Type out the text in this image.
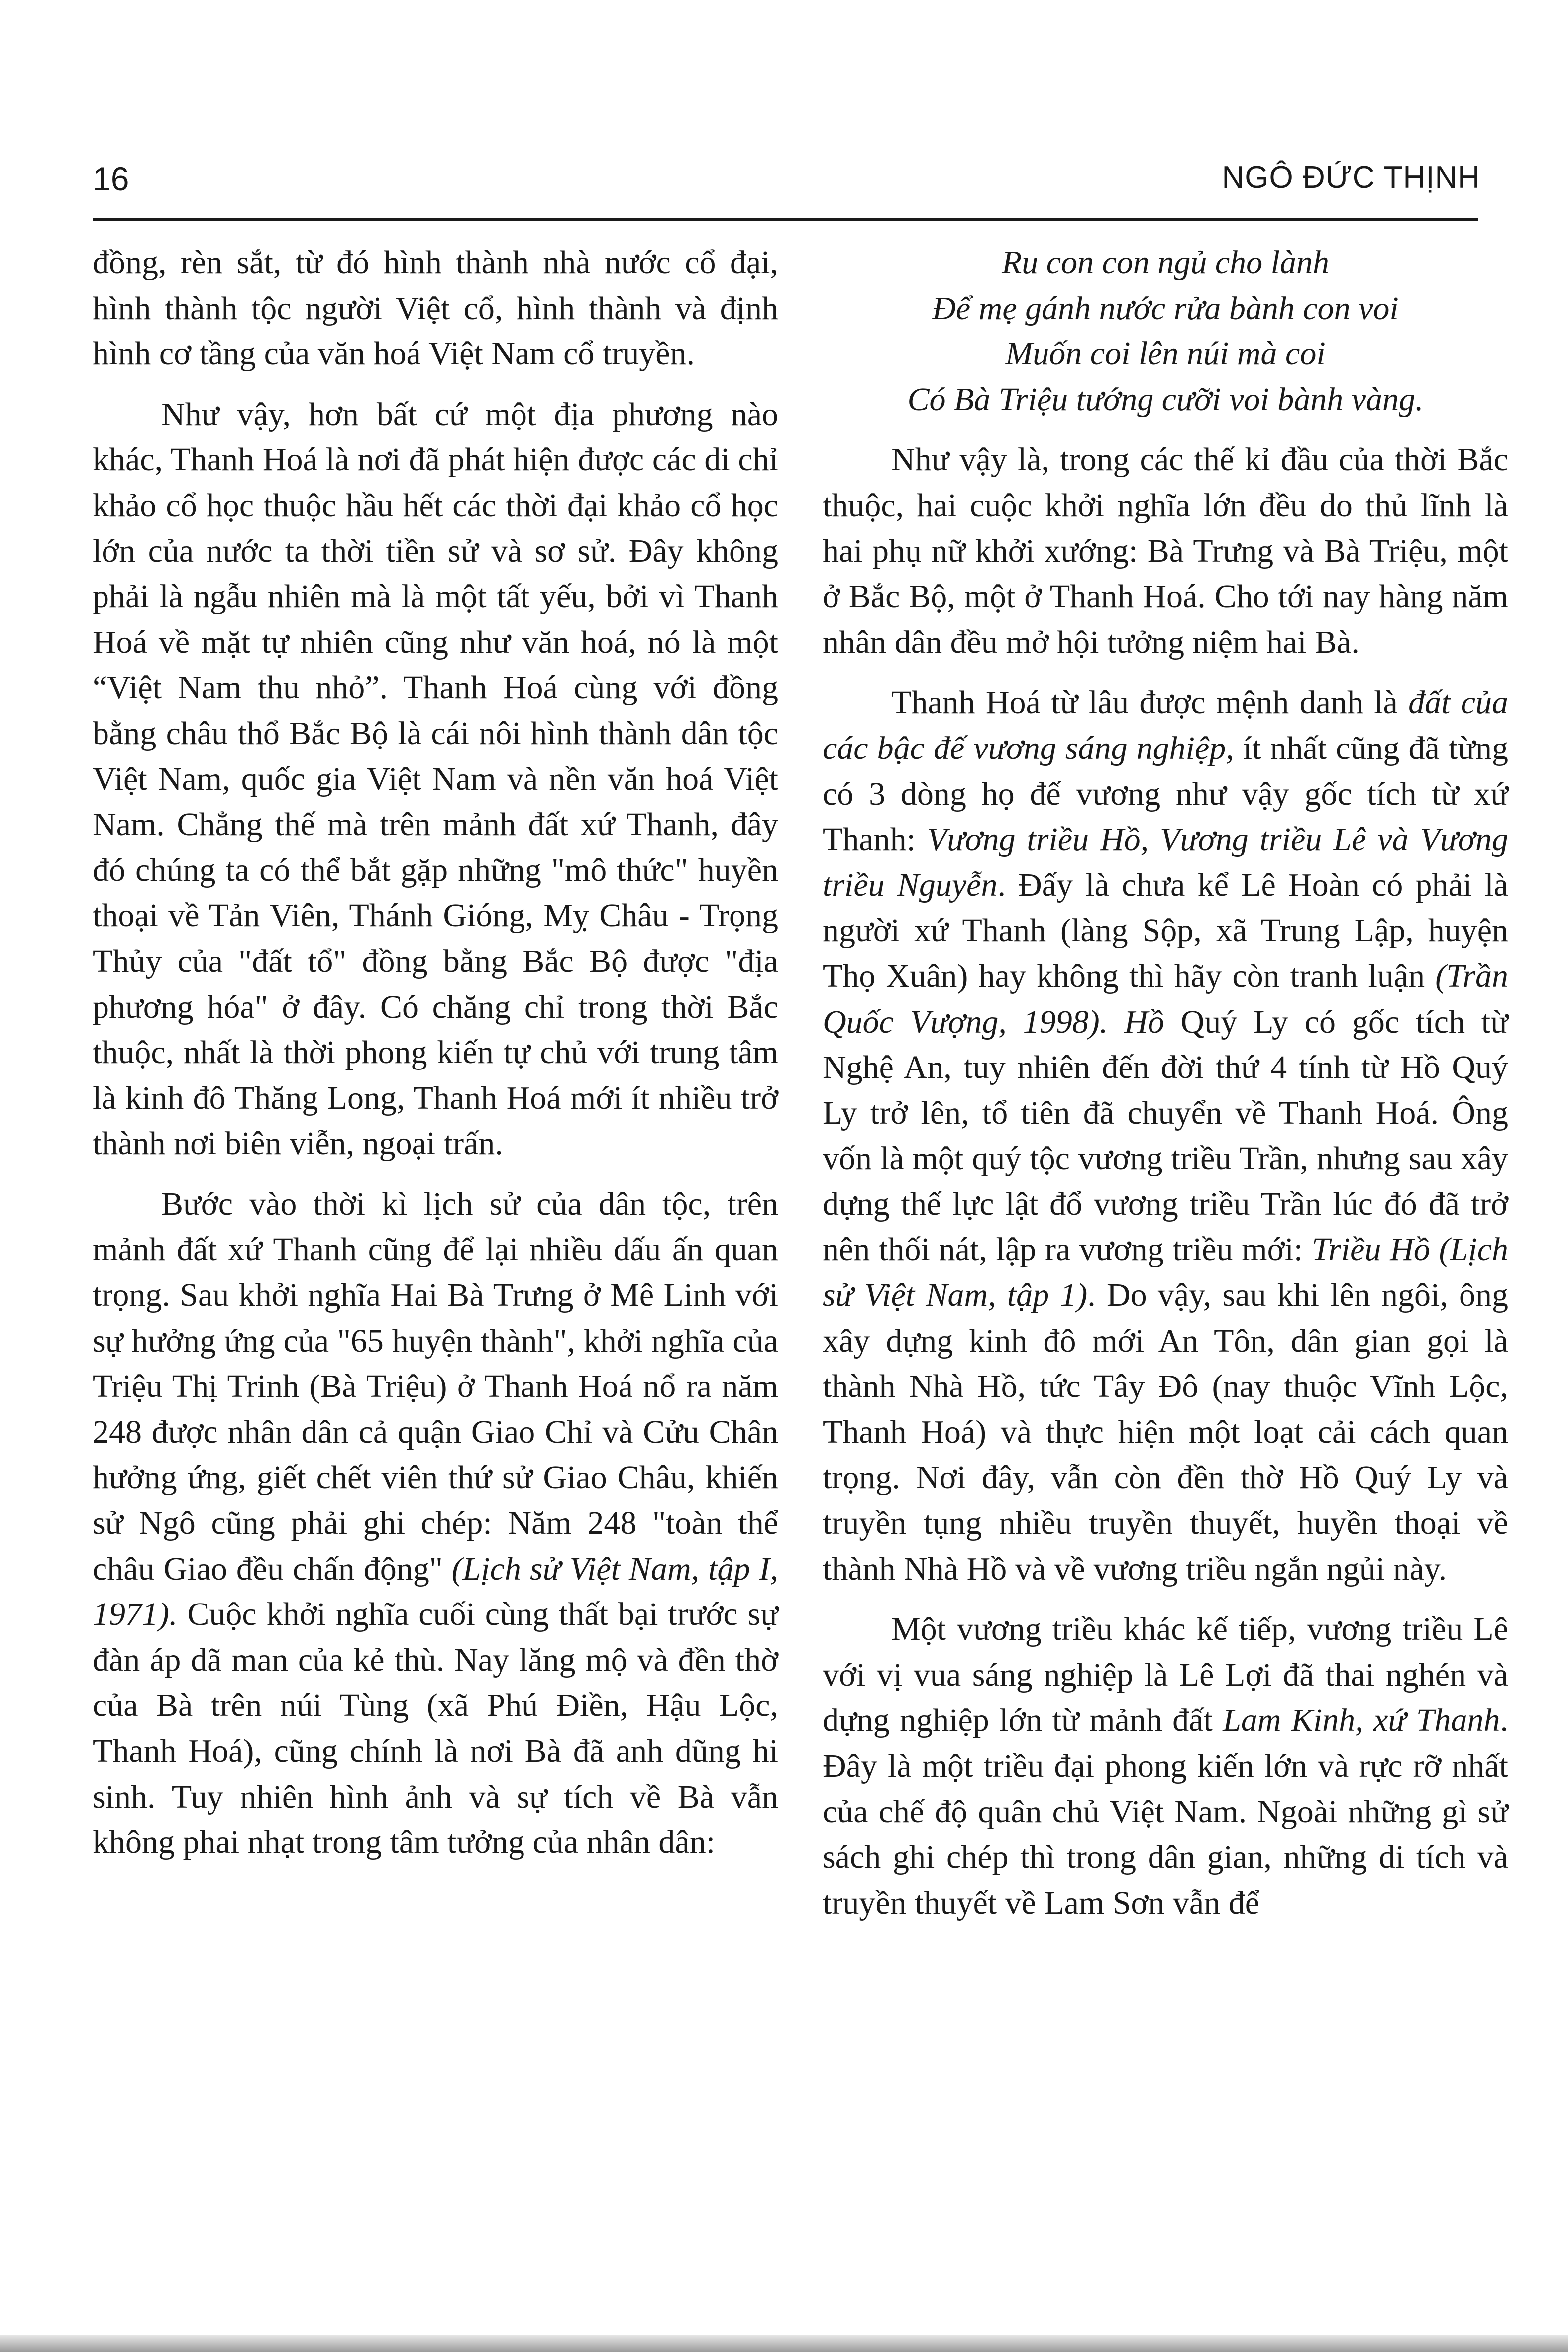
16	NGÔ ĐỨC THỊNH

đồng, rèn sắt, từ đó hình thành nhà nước cổ đại, hình thành tộc người Việt cổ, hình thành và định hình cơ tầng của văn hoá Việt Nam cổ truyền.

Như vậy, hơn bất cứ một địa phương nào khác, Thanh Hoá là nơi đã phát hiện được các di chỉ khảo cổ học thuộc hầu hết các thời đại khảo cổ học lớn của nước ta thời tiền sử và sơ sử. Đây không phải là ngẫu nhiên mà là một tất yếu, bởi vì Thanh Hoá về mặt tự nhiên cũng như văn hoá, nó là một “Việt Nam thu nhỏ”. Thanh Hoá cùng với đồng bằng châu thổ Bắc Bộ là cái nôi hình thành dân tộc Việt Nam, quốc gia Việt Nam và nền văn hoá Việt Nam. Chẳng thế mà trên mảnh đất xứ Thanh, đây đó chúng ta có thể bắt gặp những "mô thức" huyền thoại về Tản Viên, Thánh Gióng, Mỵ Châu - Trọng Thủy của "đất tổ" đồng bằng Bắc Bộ được "địa phương hóa" ở đây. Có chăng chỉ trong thời Bắc thuộc, nhất là thời phong kiến tự chủ với trung tâm là kinh đô Thăng Long, Thanh Hoá mới ít nhiều trở thành nơi biên viễn, ngoại trấn.

Bước vào thời kì lịch sử của dân tộc, trên mảnh đất xứ Thanh cũng để lại nhiều dấu ấn quan trọng. Sau khởi nghĩa Hai Bà Trưng ở Mê Linh với sự hưởng ứng của "65 huyện thành", khởi nghĩa của Triệu Thị Trinh (Bà Triệu) ở Thanh Hoá nổ ra năm 248 được nhân dân cả quận Giao Chỉ và Cửu Chân hưởng ứng, giết chết viên thứ sử Giao Châu, khiến sử Ngô cũng phải ghi chép: Năm 248 "toàn thể châu Giao đều chấn động" (Lịch sử Việt Nam, tập I, 1971). Cuộc khởi nghĩa cuối cùng thất bại trước sự đàn áp dã man của kẻ thù. Nay lăng mộ và đền thờ của Bà trên núi Tùng (xã Phú Điền, Hậu Lộc, Thanh Hoá), cũng chính là nơi Bà đã anh dũng hi sinh. Tuy nhiên hình ảnh và sự tích về Bà vẫn không phai nhạt trong tâm tưởng của nhân dân:

Ru con con ngủ cho lành
Để mẹ gánh nước rửa bành con voi
Muốn coi lên núi mà coi
Có Bà Triệu tướng cưỡi voi bành vàng.

Như vậy là, trong các thế kỉ đầu của thời Bắc thuộc, hai cuộc khởi nghĩa lớn đều do thủ lĩnh là hai phụ nữ khởi xướng: Bà Trưng và Bà Triệu, một ở Bắc Bộ, một ở Thanh Hoá. Cho tới nay hàng năm nhân dân đều mở hội tưởng niệm hai Bà.

Thanh Hoá từ lâu được mệnh danh là đất của các bậc đế vương sáng nghiệp, ít nhất cũng đã từng có 3 dòng họ đế vương như vậy gốc tích từ xứ Thanh: Vương triều Hồ, Vương triều Lê và Vương triều Nguyễn. Đấy là chưa kể Lê Hoàn có phải là người xứ Thanh (làng Sộp, xã Trung Lập, huyện Thọ Xuân) hay không thì hãy còn tranh luận (Trần Quốc Vượng, 1998). Hồ Quý Ly có gốc tích từ Nghệ An, tuy nhiên đến đời thứ 4 tính từ Hồ Quý Ly trở lên, tổ tiên đã chuyển về Thanh Hoá. Ông vốn là một quý tộc vương triều Trần, nhưng sau xây dựng thế lực lật đổ vương triều Trần lúc đó đã trở nên thối nát, lập ra vương triều mới: Triều Hồ (Lịch sử Việt Nam, tập 1). Do vậy, sau khi lên ngôi, ông xây dựng kinh đô mới An Tôn, dân gian gọi là thành Nhà Hồ, tức Tây Đô (nay thuộc Vĩnh Lộc, Thanh Hoá) và thực hiện một loạt cải cách quan trọng. Nơi đây, vẫn còn đền thờ Hồ Quý Ly và truyền tụng nhiều truyền thuyết, huyền thoại về thành Nhà Hồ và về vương triều ngắn ngủi này.

Một vương triều khác kế tiếp, vương triều Lê với vị vua sáng nghiệp là Lê Lợi đã thai nghén và dựng nghiệp lớn từ mảnh đất Lam Kinh, xứ Thanh. Đây là một triều đại phong kiến lớn và rực rỡ nhất của chế độ quân chủ Việt Nam. Ngoài những gì sử sách ghi chép thì trong dân gian, những di tích và truyền thuyết về Lam Sơn vẫn để
